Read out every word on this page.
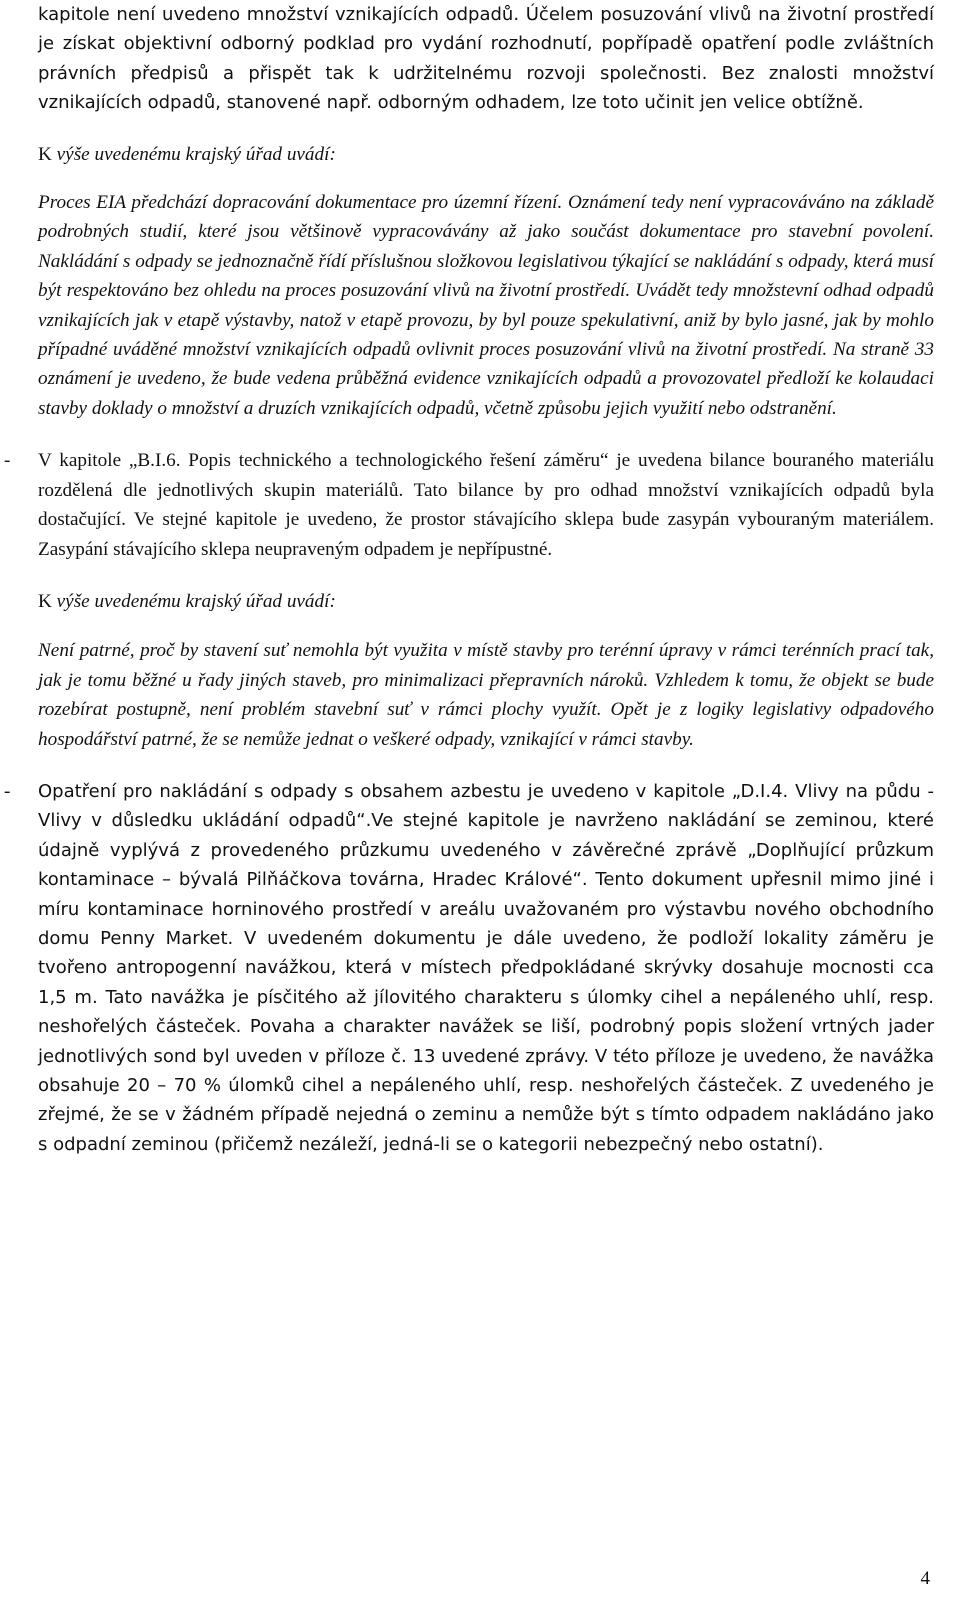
kapitole není uvedeno množství vznikajících odpadů. Účelem posuzování vlivů na životní prostředí je získat objektivní odborný podklad pro vydání rozhodnutí, popřípadě opatření podle zvláštních právních předpisů a přispět tak k udržitelnému rozvoji společnosti. Bez znalosti množství vznikajících odpadů, stanovené např. odborným odhadem, lze toto učinit jen velice obtížně.

K výše uvedenému krajský úřad uvádí:

Proces EIA předchází dopracování dokumentace pro územní řízení. Oznámení tedy není vypracováváno na základě podrobných studií, které jsou většinově vypracovávány až jako součást dokumentace pro stavební povolení. Nakládání s odpady se jednoznačně řídí příslušnou složkovou legislativou týkající se nakládání s odpady, která musí být respektováno bez ohledu na proces posuzování vlivů na životní prostředí. Uvádět tedy množstevní odhad odpadů vznikajících jak v etapě výstavby, natož v etapě provozu, by byl pouze spekulativní, aniž by bylo jasné, jak by mohlo případné uváděné množství vznikajících odpadů ovlivnit proces posuzování vlivů na životní prostředí. Na straně 33 oznámení je uvedeno, že bude vedena průběžná evidence vznikajících odpadů a provozovatel předloží ke kolaudaci stavby doklady o množství a druzích vznikajících odpadů, včetně způsobu jejich využití nebo odstranění.

- V kapitole „B.I.6. Popis technického a technologického řešení záměru“ je uvedena bilance bouraného materiálu rozdělená dle jednotlivých skupin materiálů. Tato bilance by pro odhad množství vznikajících odpadů byla dostačující. Ve stejné kapitole je uvedeno, že prostor stávajícího sklepa bude zasypán vybouraným materiálem. Zasypání stávajícího sklepa neupraveným odpadem je nepřípustné.

K výše uvedenému krajský úřad uvádí:

Není patrné, proč by stavení suť nemohla být využita v místě stavby pro terénní úpravy v rámci terénních prací tak, jak je tomu běžné u řady jiných staveb, pro minimalizaci přepravních nároků. Vzhledem k tomu, že objekt se bude rozebírat postupně, není problém stavební suť v rámci plochy využít. Opět je z logiky legislativy odpadového hospodářství patrné, že se nemůže jednat o veškeré odpady, vznikající v rámci stavby.

- Opatření pro nakládání s odpady s obsahem azbestu je uvedeno v kapitole „D.I.4. Vlivy na půdu - Vlivy v důsledku ukládání odpadů“.Ve stejné kapitole je navrženo nakládání se zeminou, které údajně vyplývá z provedeného průzkumu uvedeného v závěrečné zprávě „Doplňující průzkum kontaminace – bývalá Pilňáčkova továrna, Hradec Králové“. Tento dokument upřesnil mimo jiné i míru kontaminace horninového prostředí v areálu uvažovaném pro výstavbu nového obchodního domu Penny Market. V uvedeném dokumentu je dále uvedeno, že podloží lokality záměru je tvořeno antropogenní navážkou, která v místech předpokládané skrývky dosahuje mocnosti cca 1,5 m. Tato navážka je písčitého až jílovitého charakteru s úlomky cihel a nepáleného uhlí, resp. neshořelých částeček. Povaha a charakter navážek se liší, podrobný popis složení vrtných jader jednotlivých sond byl uveden v příloze č. 13 uvedené zprávy. V této příloze je uvedeno, že navážka obsahuje 20 – 70 % úlomků cihel a nepáleného uhlí, resp. neshořelých částeček. Z uvedeného je zřejmé, že se v žádném případě nejedná o zeminu a nemůže být s tímto odpadem nakládáno jako s odpadní zeminou (přičemž nezáleží, jedná-li se o kategorii nebezpečný nebo ostatní).

4
